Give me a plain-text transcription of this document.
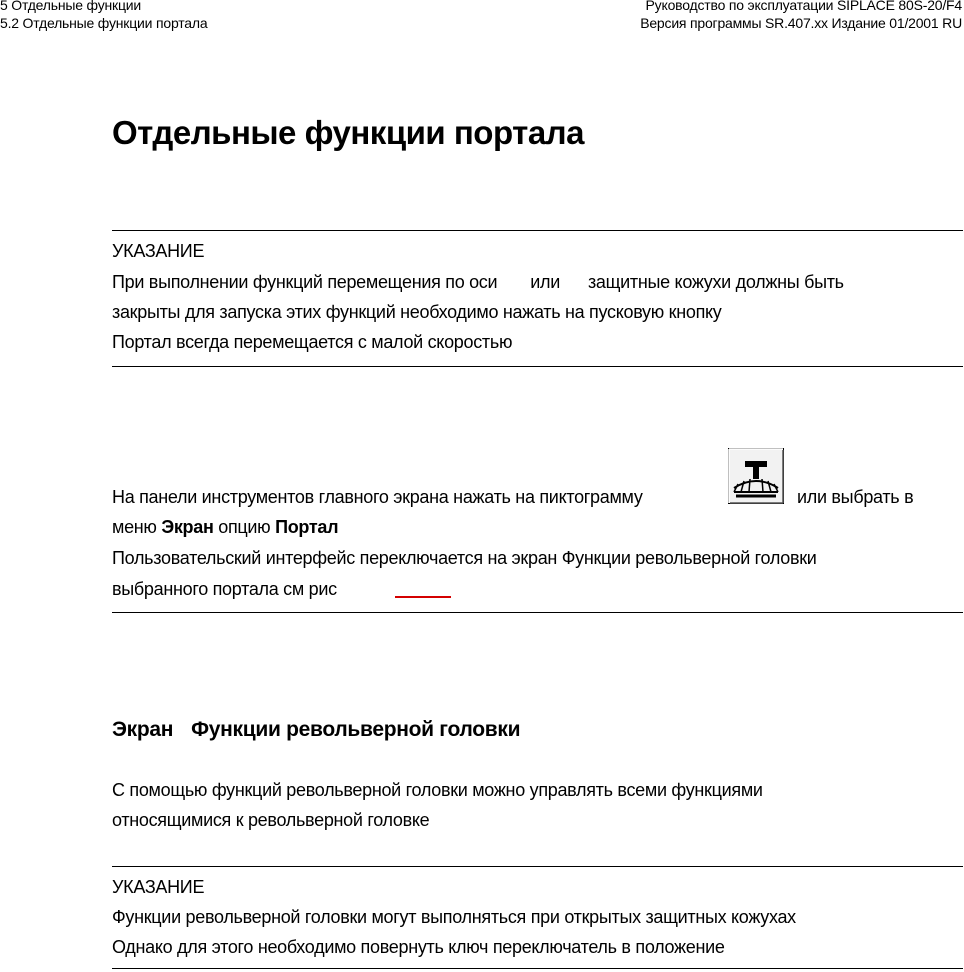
5 Отдельные функции
5.2 Отдельные функции портала
Руководство по эксплуатации SIPLACE 80S-20/F4
Версия программы SR.407.xx Издание 01/2001 RU
Отдельные функции портала
УКАЗАНИЕ
При выполнении функций перемещения по оси или защитные кожухи должны быть
закрыты для запуска этих функций необходимо нажать на пусковую кнопку
Портал всегда перемещается с малой скоростью
На панели инструментов главного экрана нажать на пиктограмму	или выбрать в
меню Экран опцию Портал
Пользовательский интерфейс переключается на экран Функции револьверной головки
выбранного портала см рис
Экран Функции револьверной головки
С помощью функций револьверной головки можно управлять всеми функциями
относящимися к револьверной головке
УКАЗАНИЕ
Функции револьверной головки могут выполняться при открытых защитных кожухах
Однако для этого необходимо повернуть ключ переключатель в положение
